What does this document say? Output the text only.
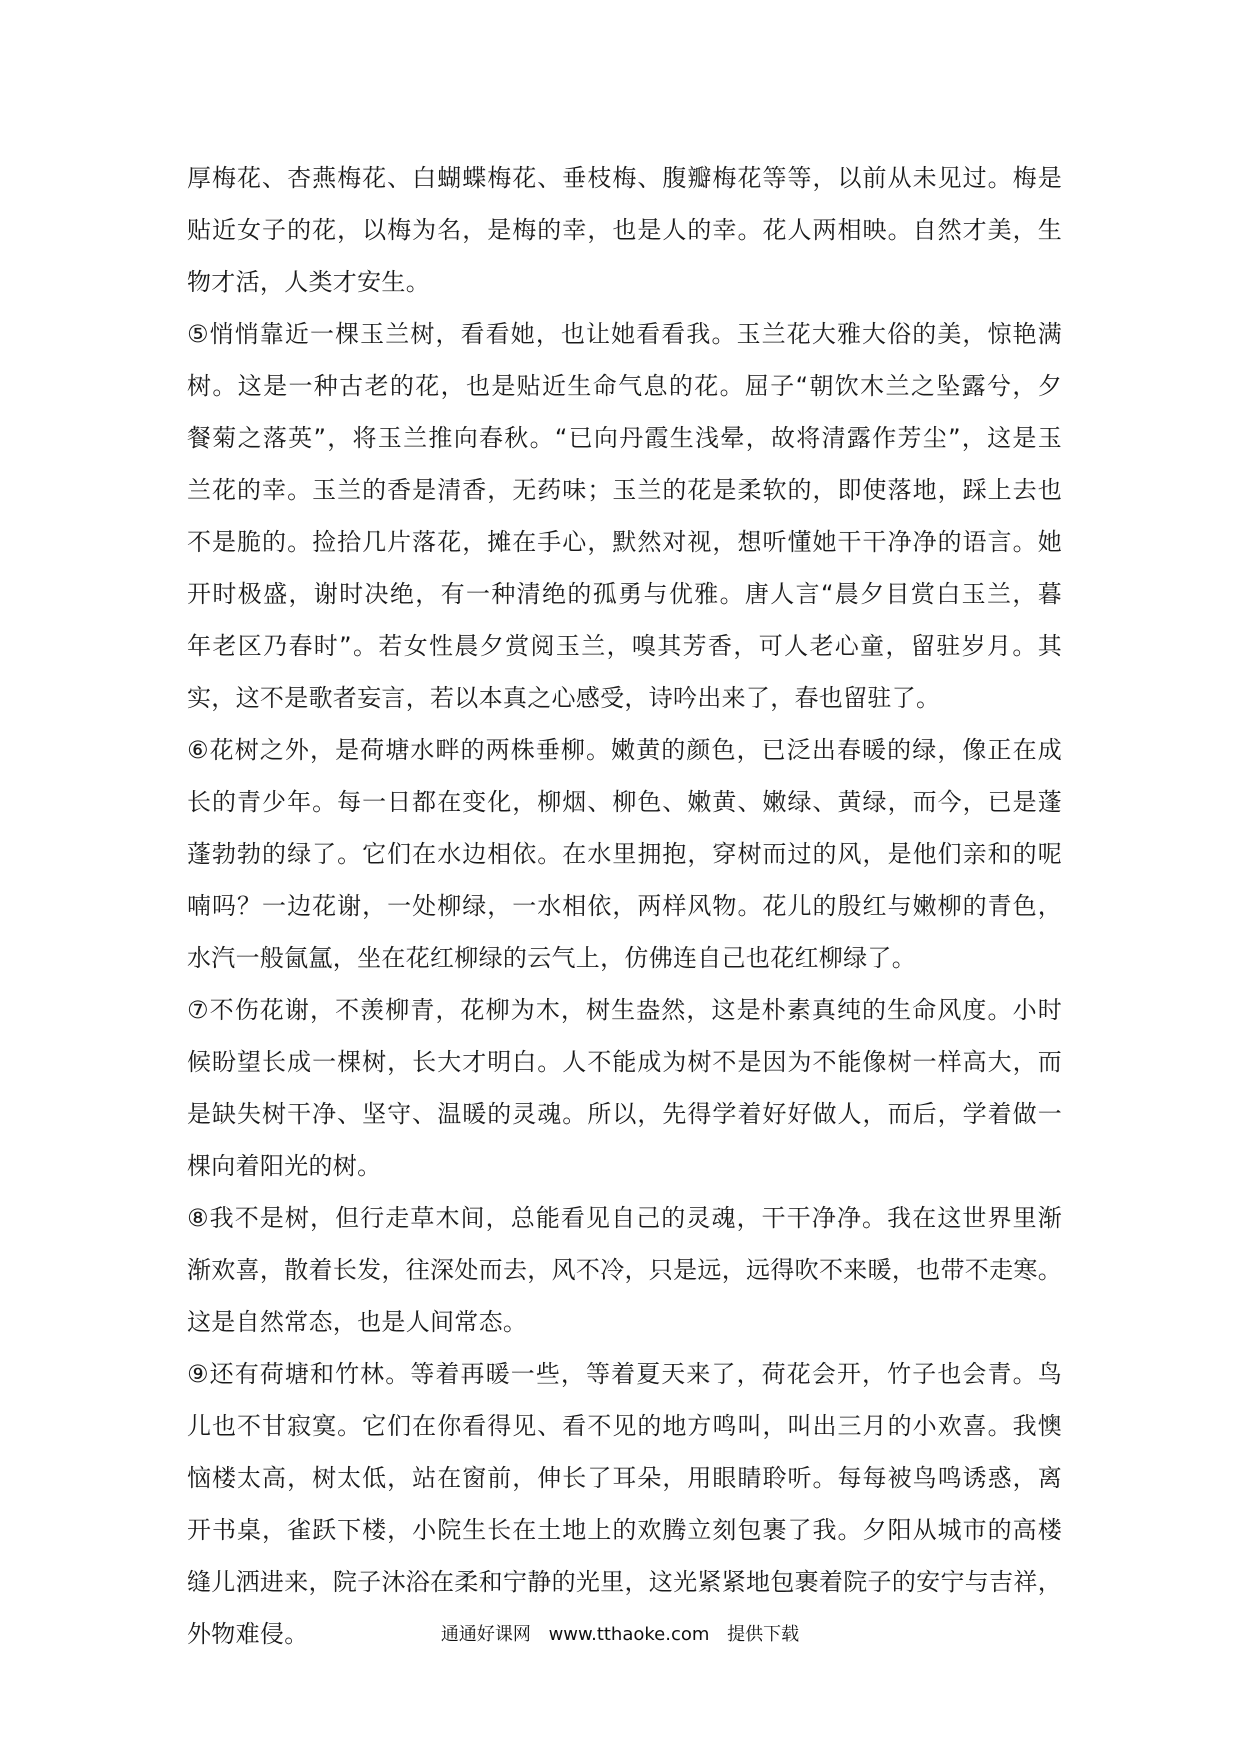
厚梅花、杏燕梅花、白蝴蝶梅花、垂枝梅、腹瓣梅花等等，以前从未见过。梅是
贴近女子的花，以梅为名，是梅的幸，也是人的幸。花人两相映。自然才美，生
物才活，人类才安生。
⑤悄悄靠近一棵玉兰树，看看她，也让她看看我。玉兰花大雅大俗的美，惊艳满
树。这是一种古老的花，也是贴近生命气息的花。屈子“朝饮木兰之坠露兮，夕
餐菊之落英”，将玉兰推向春秋。“已向丹霞生浅晕，故将清露作芳尘”，这是玉
兰花的幸。玉兰的香是清香，无药味；玉兰的花是柔软的，即使落地，踩上去也
不是脆的。捡拾几片落花，摊在手心，默然对视，想听懂她干干净净的语言。她
开时极盛，谢时决绝，有一种清绝的孤勇与优雅。唐人言“晨夕目赏白玉兰，暮
年老区乃春时”。若女性晨夕赏阅玉兰，嗅其芳香，可人老心童，留驻岁月。其
实，这不是歌者妄言，若以本真之心感受，诗吟出来了，春也留驻了。
⑥花树之外，是荷塘水畔的两株垂柳。嫩黄的颜色，已泛出春暖的绿，像正在成
长的青少年。每一日都在变化，柳烟、柳色、嫩黄、嫩绿、黄绿，而今，已是蓬
蓬勃勃的绿了。它们在水边相依。在水里拥抱，穿树而过的风，是他们亲和的呢
喃吗？一边花谢，一处柳绿，一水相依，两样风物。花儿的殷红与嫩柳的青色，
水汽一般氤氲，坐在花红柳绿的云气上，仿佛连自己也花红柳绿了。
⑦不伤花谢，不羡柳青，花柳为木，树生盎然，这是朴素真纯的生命风度。小时
候盼望长成一棵树，长大才明白。人不能成为树不是因为不能像树一样高大，而
是缺失树干净、坚守、温暖的灵魂。所以，先得学着好好做人，而后，学着做一
棵向着阳光的树。
⑧我不是树，但行走草木间，总能看见自己的灵魂，干干净净。我在这世界里渐
渐欢喜，散着长发，往深处而去，风不冷，只是远，远得吹不来暖，也带不走寒。
这是自然常态，也是人间常态。
⑨还有荷塘和竹林。等着再暖一些，等着夏天来了，荷花会开，竹子也会青。鸟
儿也不甘寂寞。它们在你看得见、看不见的地方鸣叫，叫出三月的小欢喜。我懊
恼楼太高，树太低，站在窗前，伸长了耳朵，用眼睛聆听。每每被鸟鸣诱惑，离
开书桌，雀跃下楼，小院生长在土地上的欢腾立刻包裹了我。夕阳从城市的高楼
缝儿洒进来，院子沐浴在柔和宁静的光里，这光紧紧地包裹着院子的安宁与吉祥，
外物难侵。	通通好课网 www.tthaoke.com 提供下载
